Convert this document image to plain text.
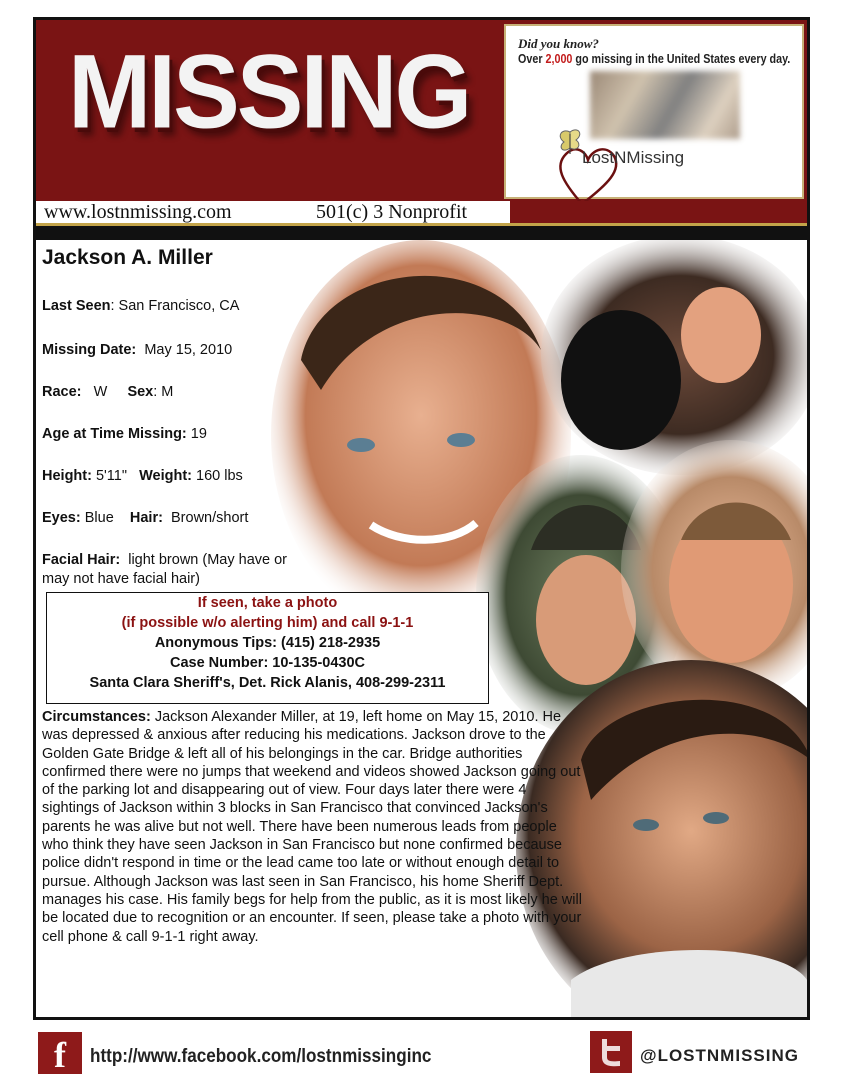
MISSING	Did you know?
Over 2,000 go missing in the United States every day.
LostNMissing
www.lostnmissing.com	501(c) 3 Nonprofit
Jackson A. Miller
Last Seen: San Francisco, CA
Missing Date: May 15, 2010
Race: W Sex: M
Age at Time Missing: 19
Height: 5'11" Weight: 160 lbs
Eyes: Blue Hair: Brown/short
Facial Hair: light brown (May have or
may not have facial hair)
If seen, take a photo
(if possible w/o alerting him) and call 9-1-1
Anonymous Tips: (415) 218-2935
Case Number: 10-135-0430C
Santa Clara Sheriff's, Det. Rick Alanis, 408-299-2311
Circumstances: Jackson Alexander Miller, at 19, left home on May 15, 2010. He was depressed & anxious after reducing his medications. Jackson drove to the Golden Gate Bridge & left all of his belongings in the car. Bridge authorities confirmed there were no jumps that weekend and videos showed Jackson going out of the parking lot and disappearing out of view. Four days later there were 4 sightings of Jackson within 3 blocks in San Francisco that convinced Jackson's parents he was alive but not well. There have been numerous leads from people who think they have seen Jackson in San Francisco but none confirmed because police didn't respond in time or the lead came too late or without enough detail to pursue. Although Jackson was last seen in San Francisco, his home Sheriff Dept. manages his case. His family begs for help from the public, as it is most likely he will be located due to recognition or an encounter. If seen, please take a photo with your cell phone & call 9-1-1 right away.
f	http://www.facebook.com/lostnmissinginc	@LOSTNMISSING
